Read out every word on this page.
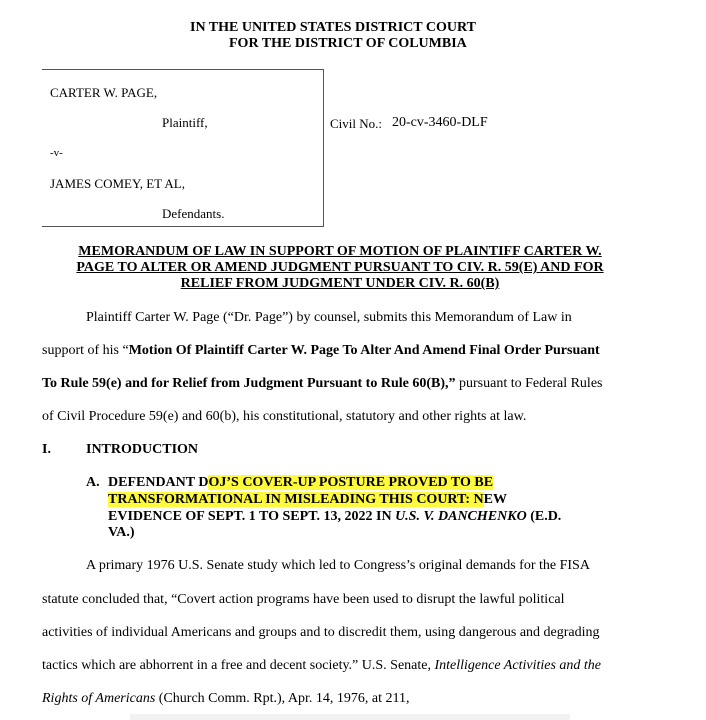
IN THE UNITED STATES DISTRICT COURT
FOR THE DISTRICT OF COLUMBIA
CARTER W. PAGE,
Plaintiff,
-v-
JAMES COMEY, ET AL,
Defendants.
Civil No.: 20-cv-3460-DLF
MEMORANDUM OF LAW IN SUPPORT OF MOTION OF PLAINTIFF CARTER W.
PAGE TO ALTER OR AMEND JUDGMENT PURSUANT TO CIV. R. 59(E) AND FOR
RELIEF FROM JUDGMENT UNDER CIV. R. 60(B)
Plaintiff Carter W. Page (“Dr. Page”) by counsel, submits this Memorandum of Law in
support of his “Motion Of Plaintiff Carter W. Page To Alter And Amend Final Order Pursuant
To Rule 59(e) and for Relief from Judgment Pursuant to Rule 60(B),” pursuant to Federal Rules
of Civil Procedure 59(e) and 60(b), his constitutional, statutory and other rights at law.
I.	INTRODUCTION
A. DEFENDANT DOJ’S COVER-UP POSTURE PROVED TO BE
TRANSFORMATIONAL IN MISLEADING THIS COURT: NEW
EVIDENCE OF SEPT. 1 TO SEPT. 13, 2022 IN U.S. V. DANCHENKO (E.D.
VA.)
A primary 1976 U.S. Senate study which led to Congress’s original demands for the FISA
statute concluded that, “Covert action programs have been used to disrupt the lawful political
activities of individual Americans and groups and to discredit them, using dangerous and degrading
tactics which are abhorrent in a free and decent society.” U.S. Senate, Intelligence Activities and the
Rights of Americans (Church Comm. Rpt.), Apr. 14, 1976, at 211,
